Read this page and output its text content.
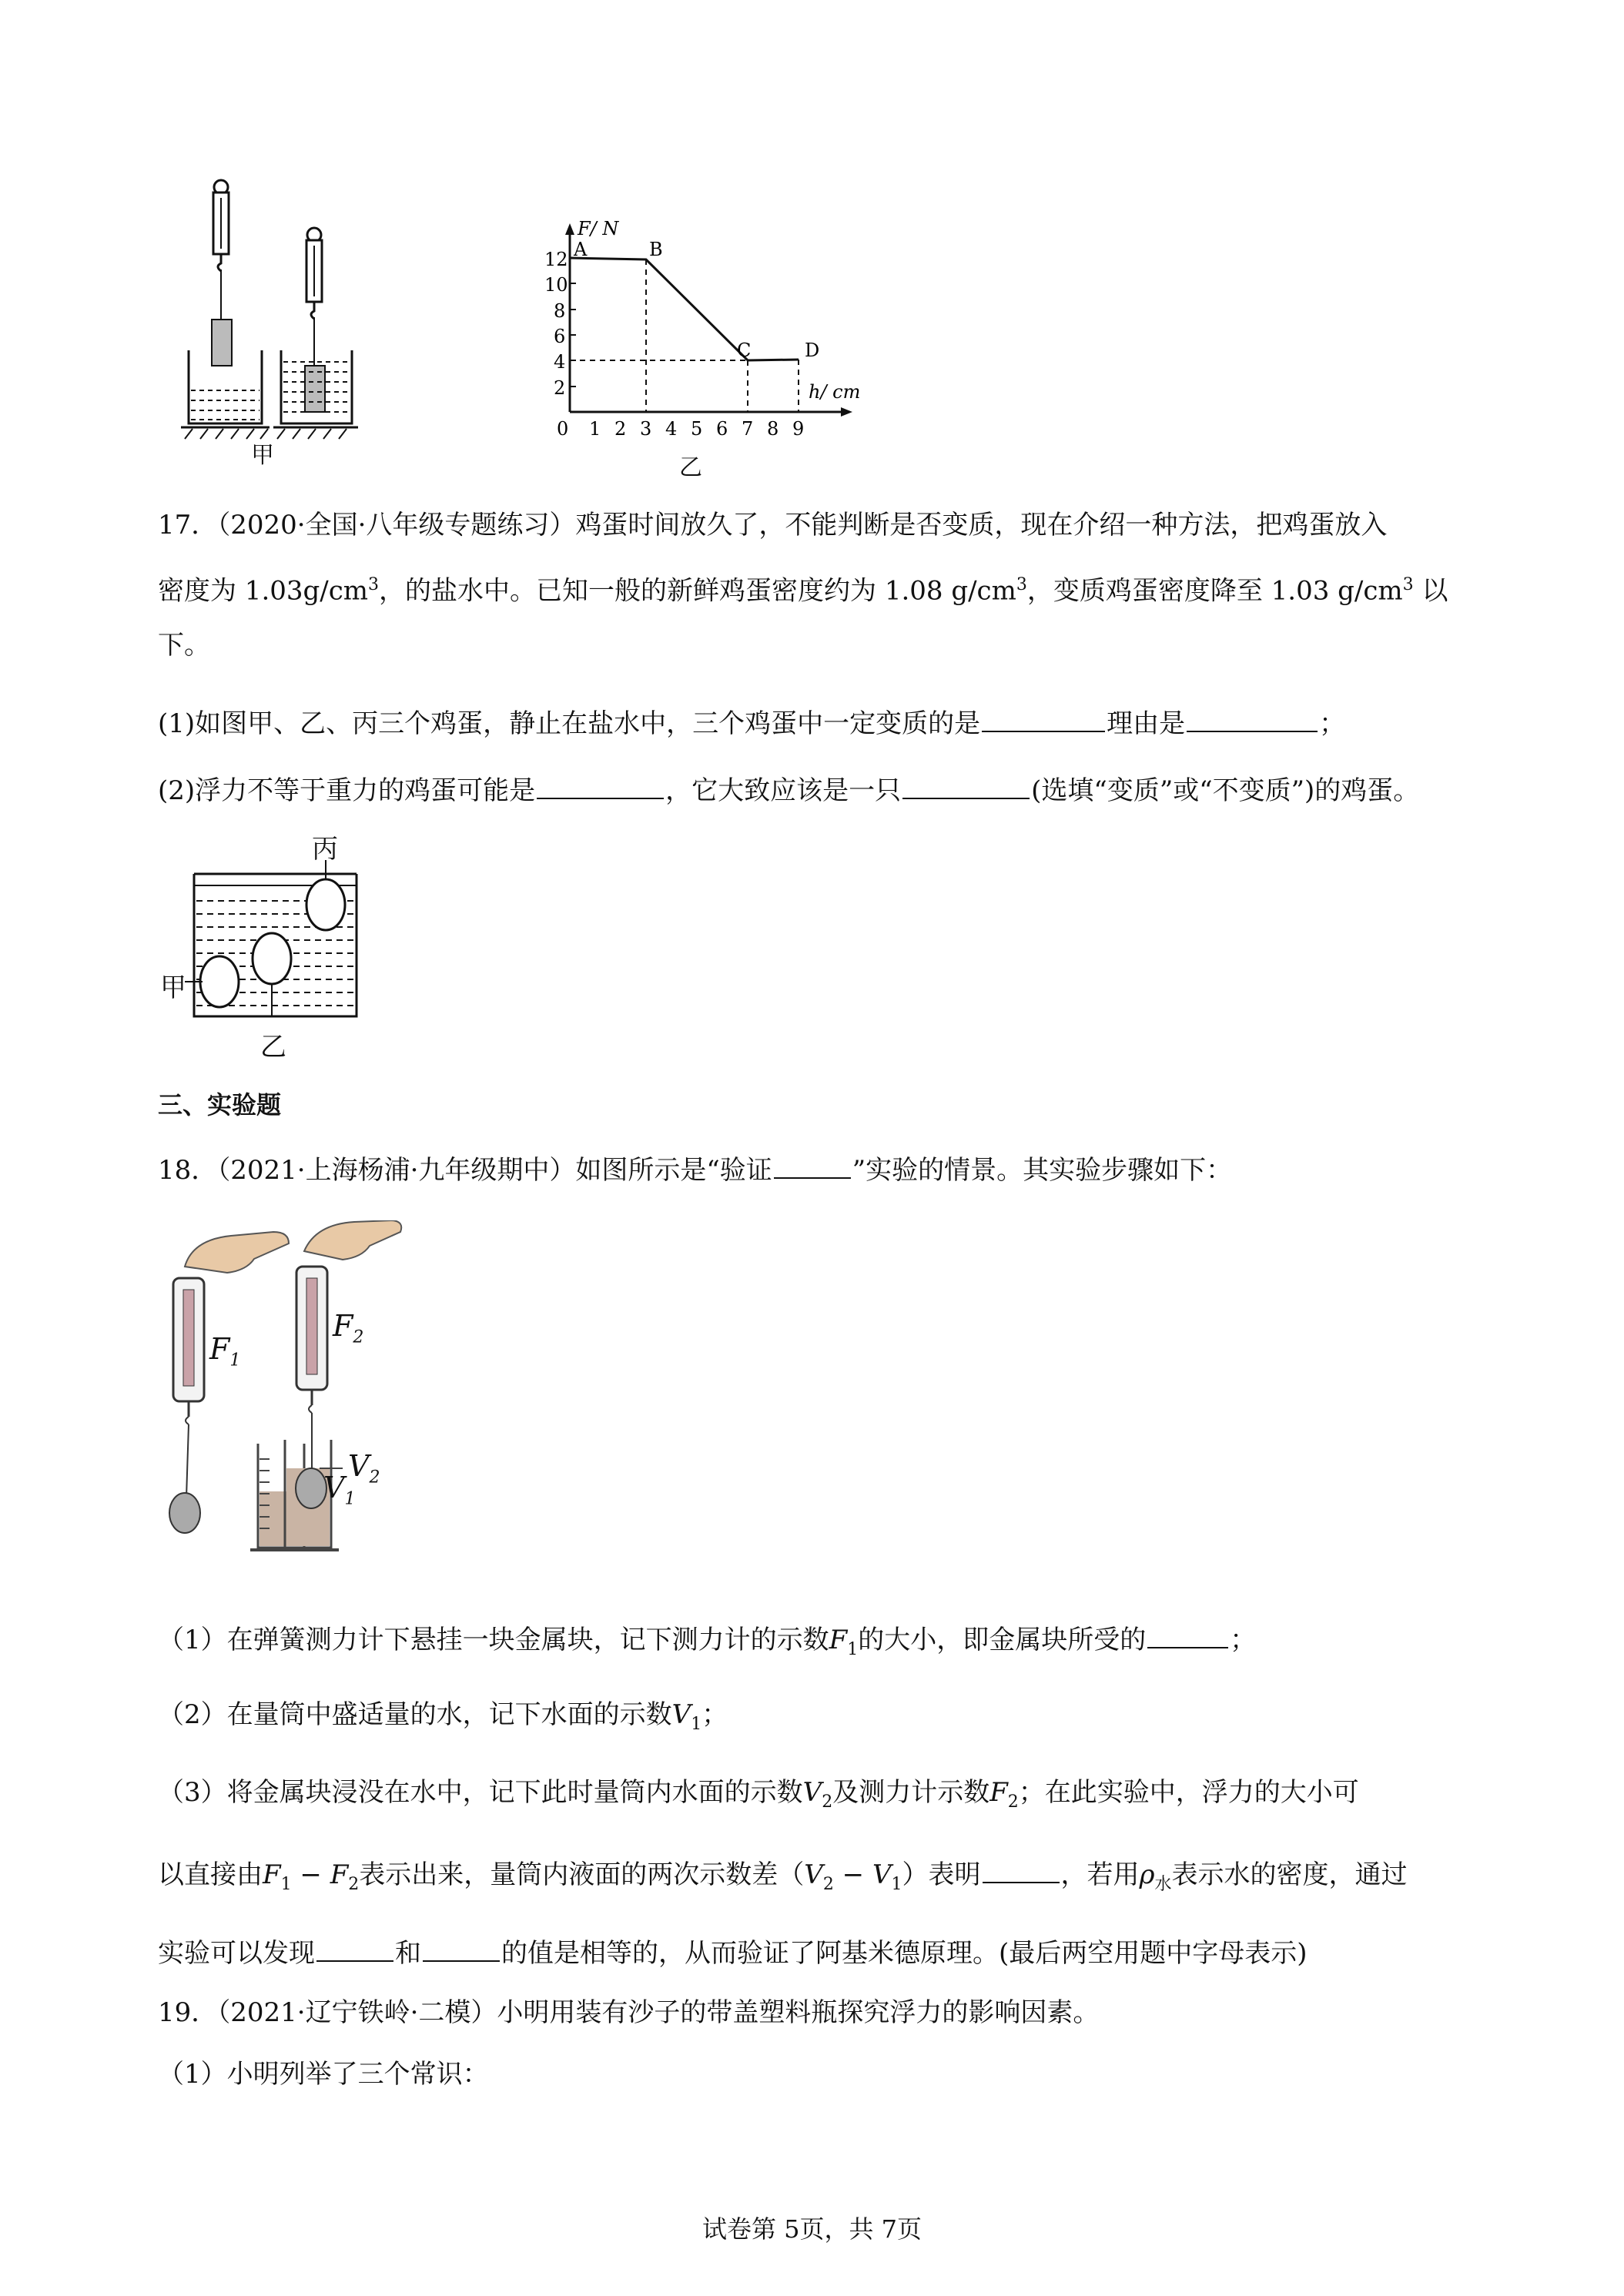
甲
12
10
8
6
4
2
0 1 2 3 4 5 6 7 8 9
A	B
C	D
F/ N
h/ cm
乙
17．（2020·全国·八年级专题练习）鸡蛋时间放久了，不能判断是否变质，现在介绍一种方法，把鸡蛋放入
密度为 $1.03g/cm^3$，的盐水中。已知一般的新鲜鸡蛋密度约为 1.08 $g/cm^3$，变质鸡蛋密度降至 1.03 $g/cm^3$ 以
下。
(1)如图甲、乙、丙三个鸡蛋，静止在盐水中，三个鸡蛋中一定变质的是	理由是	；
(2)浮力不等于重力的鸡蛋可能是	，它大致应该是一只	(选填“变质”或“不变质”)的鸡蛋。
甲
乙
丙
三、实验题
18．（2021·上海杨浦·九年级期中）如图所示是“验证	”实验的情景。其实验步骤如下：
$F_1$
$F_2$
$V_1$
$V_2$
（1）在弹簧测力计下悬挂一块金属块，记下测力计的示数$F_1$的大小，即金属块所受的	；
（2）在量筒中盛适量的水，记下水面的示数$V_1$；
（3）将金属块浸没在水中，记下此时量筒内水面的示数$V_2$及测力计示数$F_2$；在此实验中，浮力的大小可
以直接由$F_1 - F_2$表示出来，量筒内液面的两次示数差$(V_2 - V_1)$表明	，若用$\rho_水$表示水的密度，通过
实验可以发现	和	的值是相等的，从而验证了阿基米德原理。(最后两空用题中字母表示)
19．（2021·辽宁铁岭·二模）小明用装有沙子的带盖塑料瓶探究浮力的影响因素。
（1）小明列举了三个常识：
试卷第 5页，共 7页
